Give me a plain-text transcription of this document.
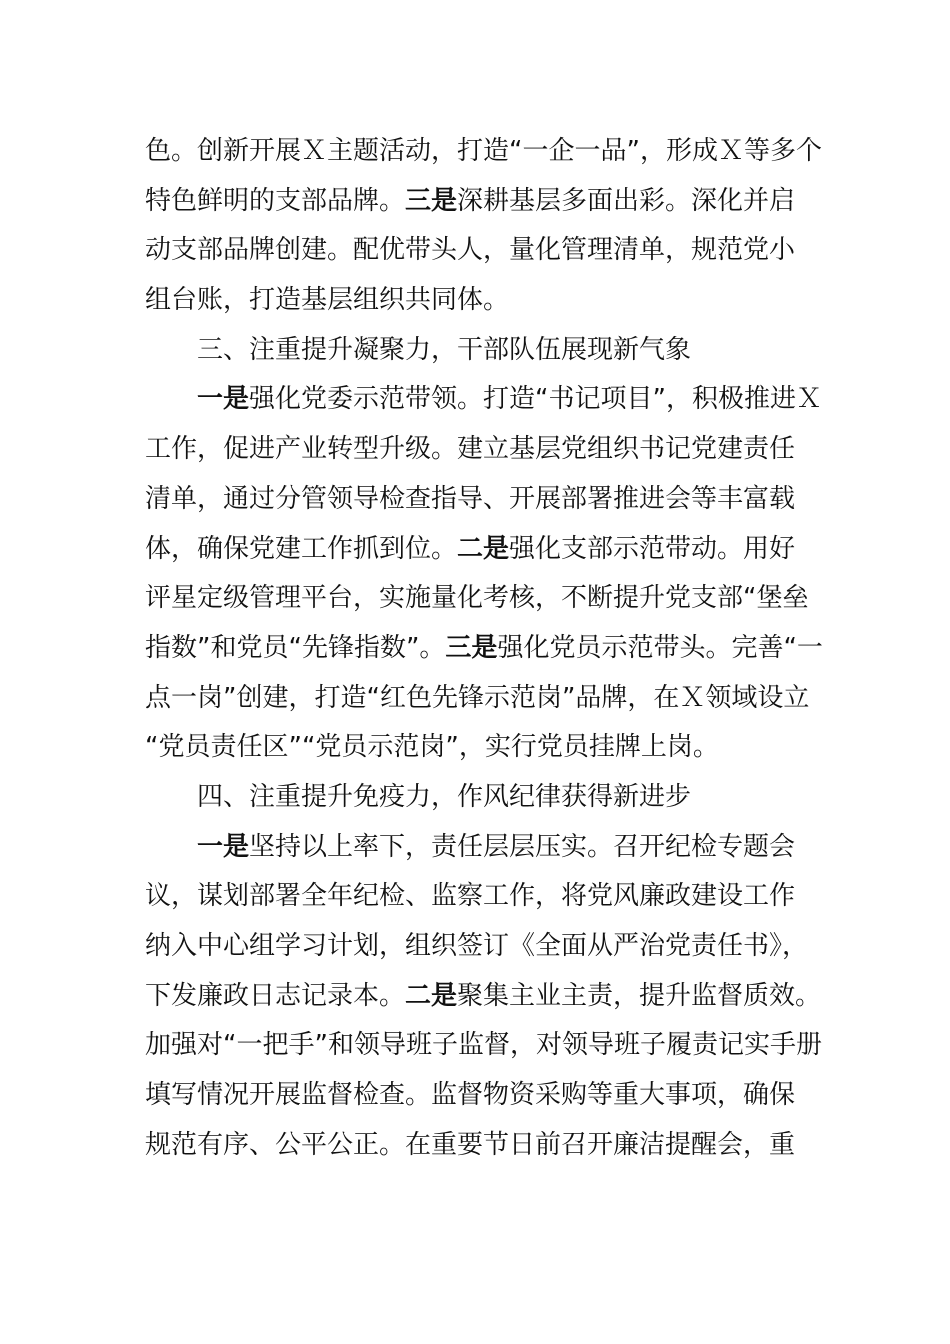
色。创新开展Ｘ主题活动，打造“一企一品”，形成Ｘ等多个
特色鲜明的支部品牌。三是深耕基层多面出彩。深化并启
动支部品牌创建。配优带头人，量化管理清单，规范党小
组台账，打造基层组织共同体。
三、注重提升凝聚力，干部队伍展现新气象
一是强化党委示范带领。打造“书记项目”，积极推进Ｘ
工作，促进产业转型升级。建立基层党组织书记党建责任
清单，通过分管领导检查指导、开展部署推进会等丰富载
体，确保党建工作抓到位。二是强化支部示范带动。用好
评星定级管理平台，实施量化考核，不断提升党支部“堡垒
指数”和党员“先锋指数”。三是强化党员示范带头。完善“一
点一岗”创建，打造“红色先锋示范岗”品牌，在Ｘ领域设立
“党员责任区”“党员示范岗”，实行党员挂牌上岗。
四、注重提升免疫力，作风纪律获得新进步
一是坚持以上率下，责任层层压实。召开纪检专题会
议，谋划部署全年纪检、监察工作，将党风廉政建设工作
纳入中心组学习计划，组织签订《全面从严治党责任书》，
下发廉政日志记录本。二是聚集主业主责，提升监督质效。
加强对“一把手”和领导班子监督，对领导班子履责记实手册
填写情况开展监督检查。监督物资采购等重大事项，确保
规范有序、公平公正。在重要节日前召开廉洁提醒会，重
